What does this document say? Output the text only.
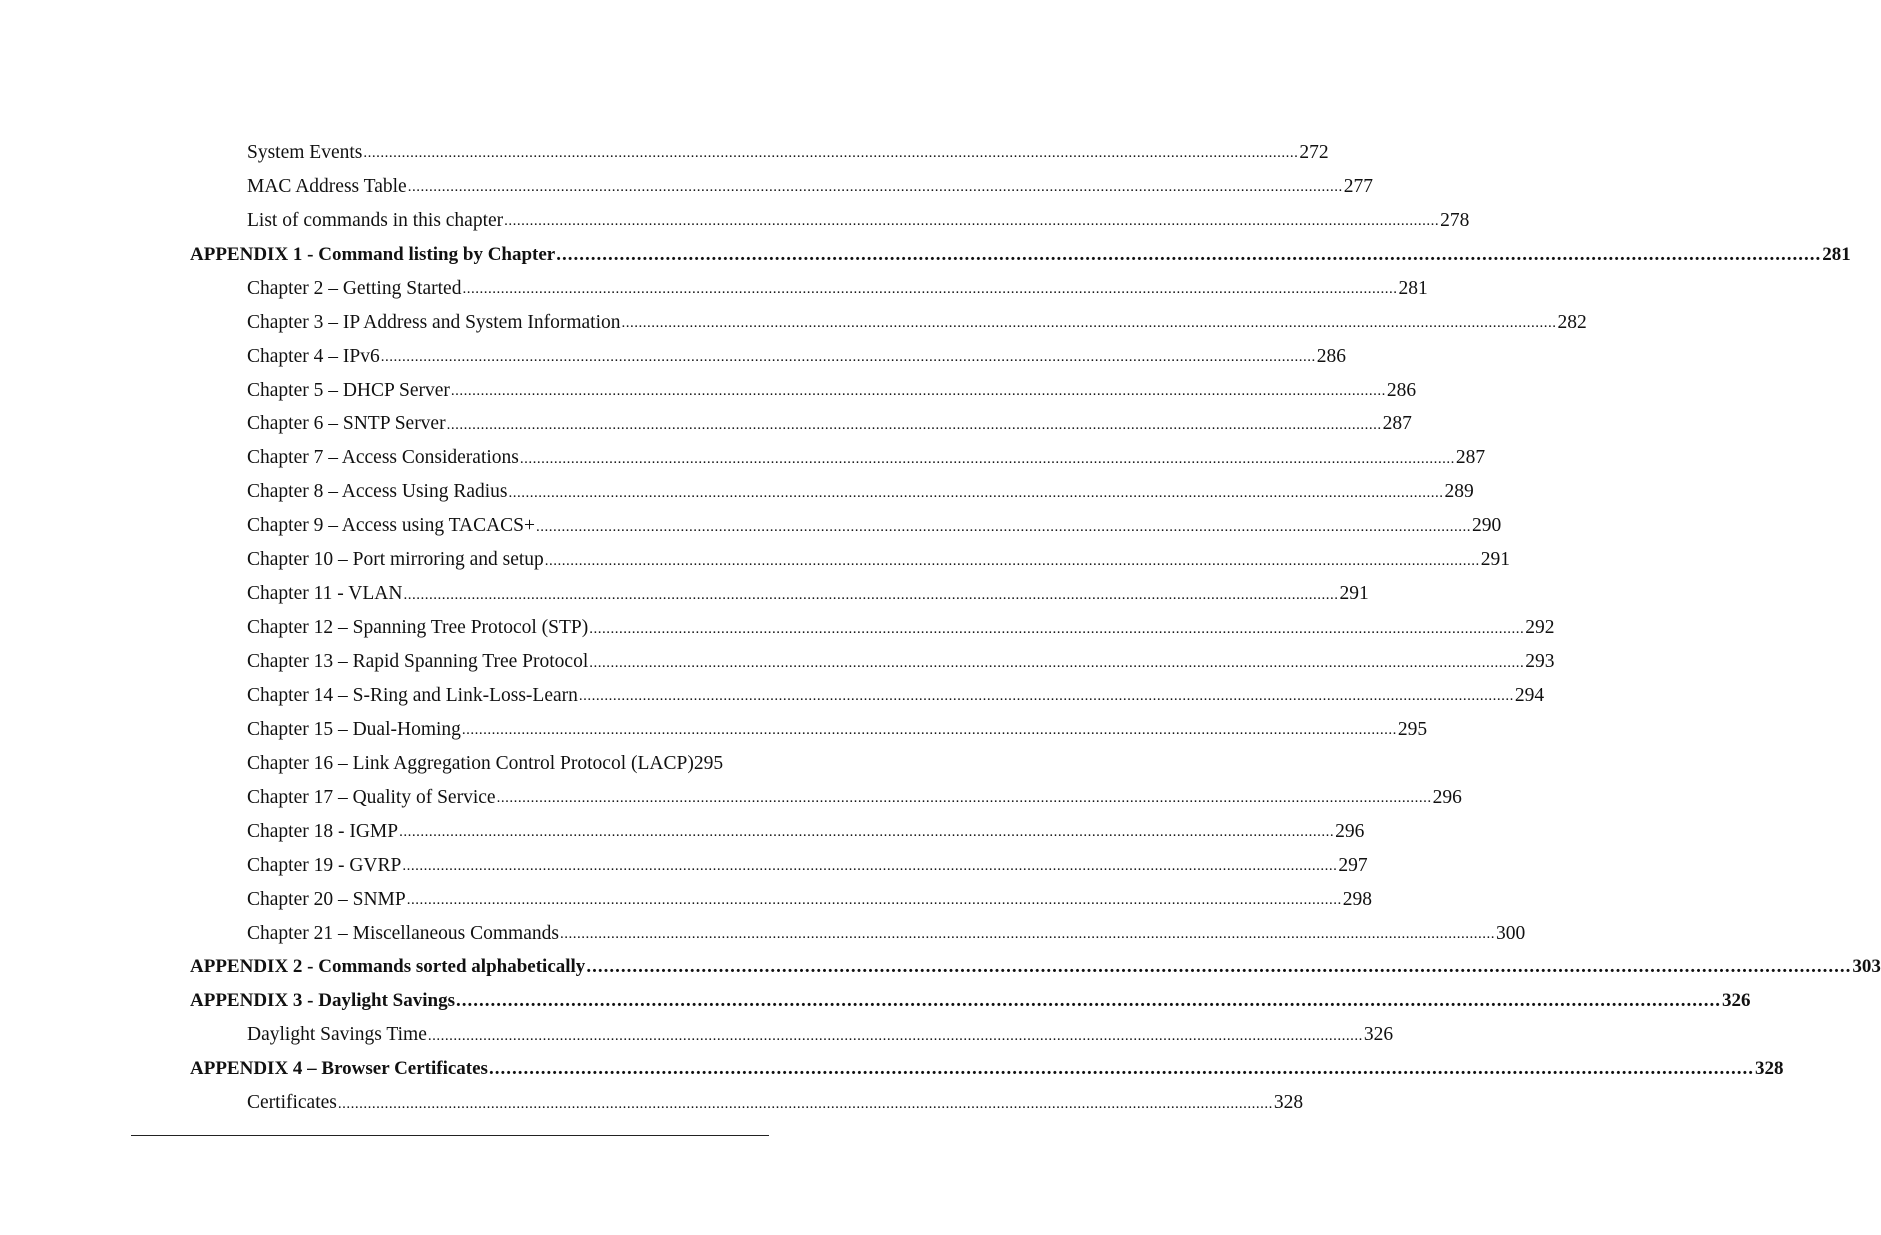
System Events ............................................................................................................................................................................................................................ 272
MAC Address Table ............................................................................................................................................................................................................................ 277
List of commands in this chapter ............................................................................................................................................................................................................................ 278
APPENDIX 1 - Command listing by Chapter ............................................................................................................................................................................................................................ 281
Chapter 2 – Getting Started ............................................................................................................................................................................................................................ 281
Chapter 3 – IP Address and System Information ............................................................................................................................................................................................................................ 282
Chapter 4 – IPv6 ............................................................................................................................................................................................................................ 286
Chapter 5 – DHCP Server ............................................................................................................................................................................................................................ 286
Chapter 6 – SNTP Server ............................................................................................................................................................................................................................ 287
Chapter 7 – Access Considerations ............................................................................................................................................................................................................................ 287
Chapter 8 – Access Using Radius ............................................................................................................................................................................................................................ 289
Chapter 9 – Access using TACACS+ ............................................................................................................................................................................................................................ 290
Chapter 10 – Port mirroring and setup ............................................................................................................................................................................................................................ 291
Chapter 11 - VLAN ............................................................................................................................................................................................................................ 291
Chapter 12 – Spanning Tree Protocol (STP) ............................................................................................................................................................................................................................ 292
Chapter 13 – Rapid Spanning Tree Protocol ............................................................................................................................................................................................................................ 293
Chapter 14 – S-Ring and Link-Loss-Learn ............................................................................................................................................................................................................................ 294
Chapter 15 – Dual-Homing ............................................................................................................................................................................................................................ 295
Chapter 16 – Link Aggregation Control Protocol (LACP) 295
Chapter 17 – Quality of Service ............................................................................................................................................................................................................................ 296
Chapter 18 - IGMP ............................................................................................................................................................................................................................ 296
Chapter 19 - GVRP ............................................................................................................................................................................................................................ 297
Chapter 20 – SNMP ............................................................................................................................................................................................................................ 298
Chapter 21 – Miscellaneous Commands ............................................................................................................................................................................................................................ 300
APPENDIX 2 - Commands sorted alphabetically ............................................................................................................................................................................................................................ 303
APPENDIX 3 - Daylight Savings ............................................................................................................................................................................................................................ 326
Daylight Savings Time ............................................................................................................................................................................................................................ 326
APPENDIX 4 – Browser Certificates ............................................................................................................................................................................................................................ 328
Certificates ............................................................................................................................................................................................................................ 328
